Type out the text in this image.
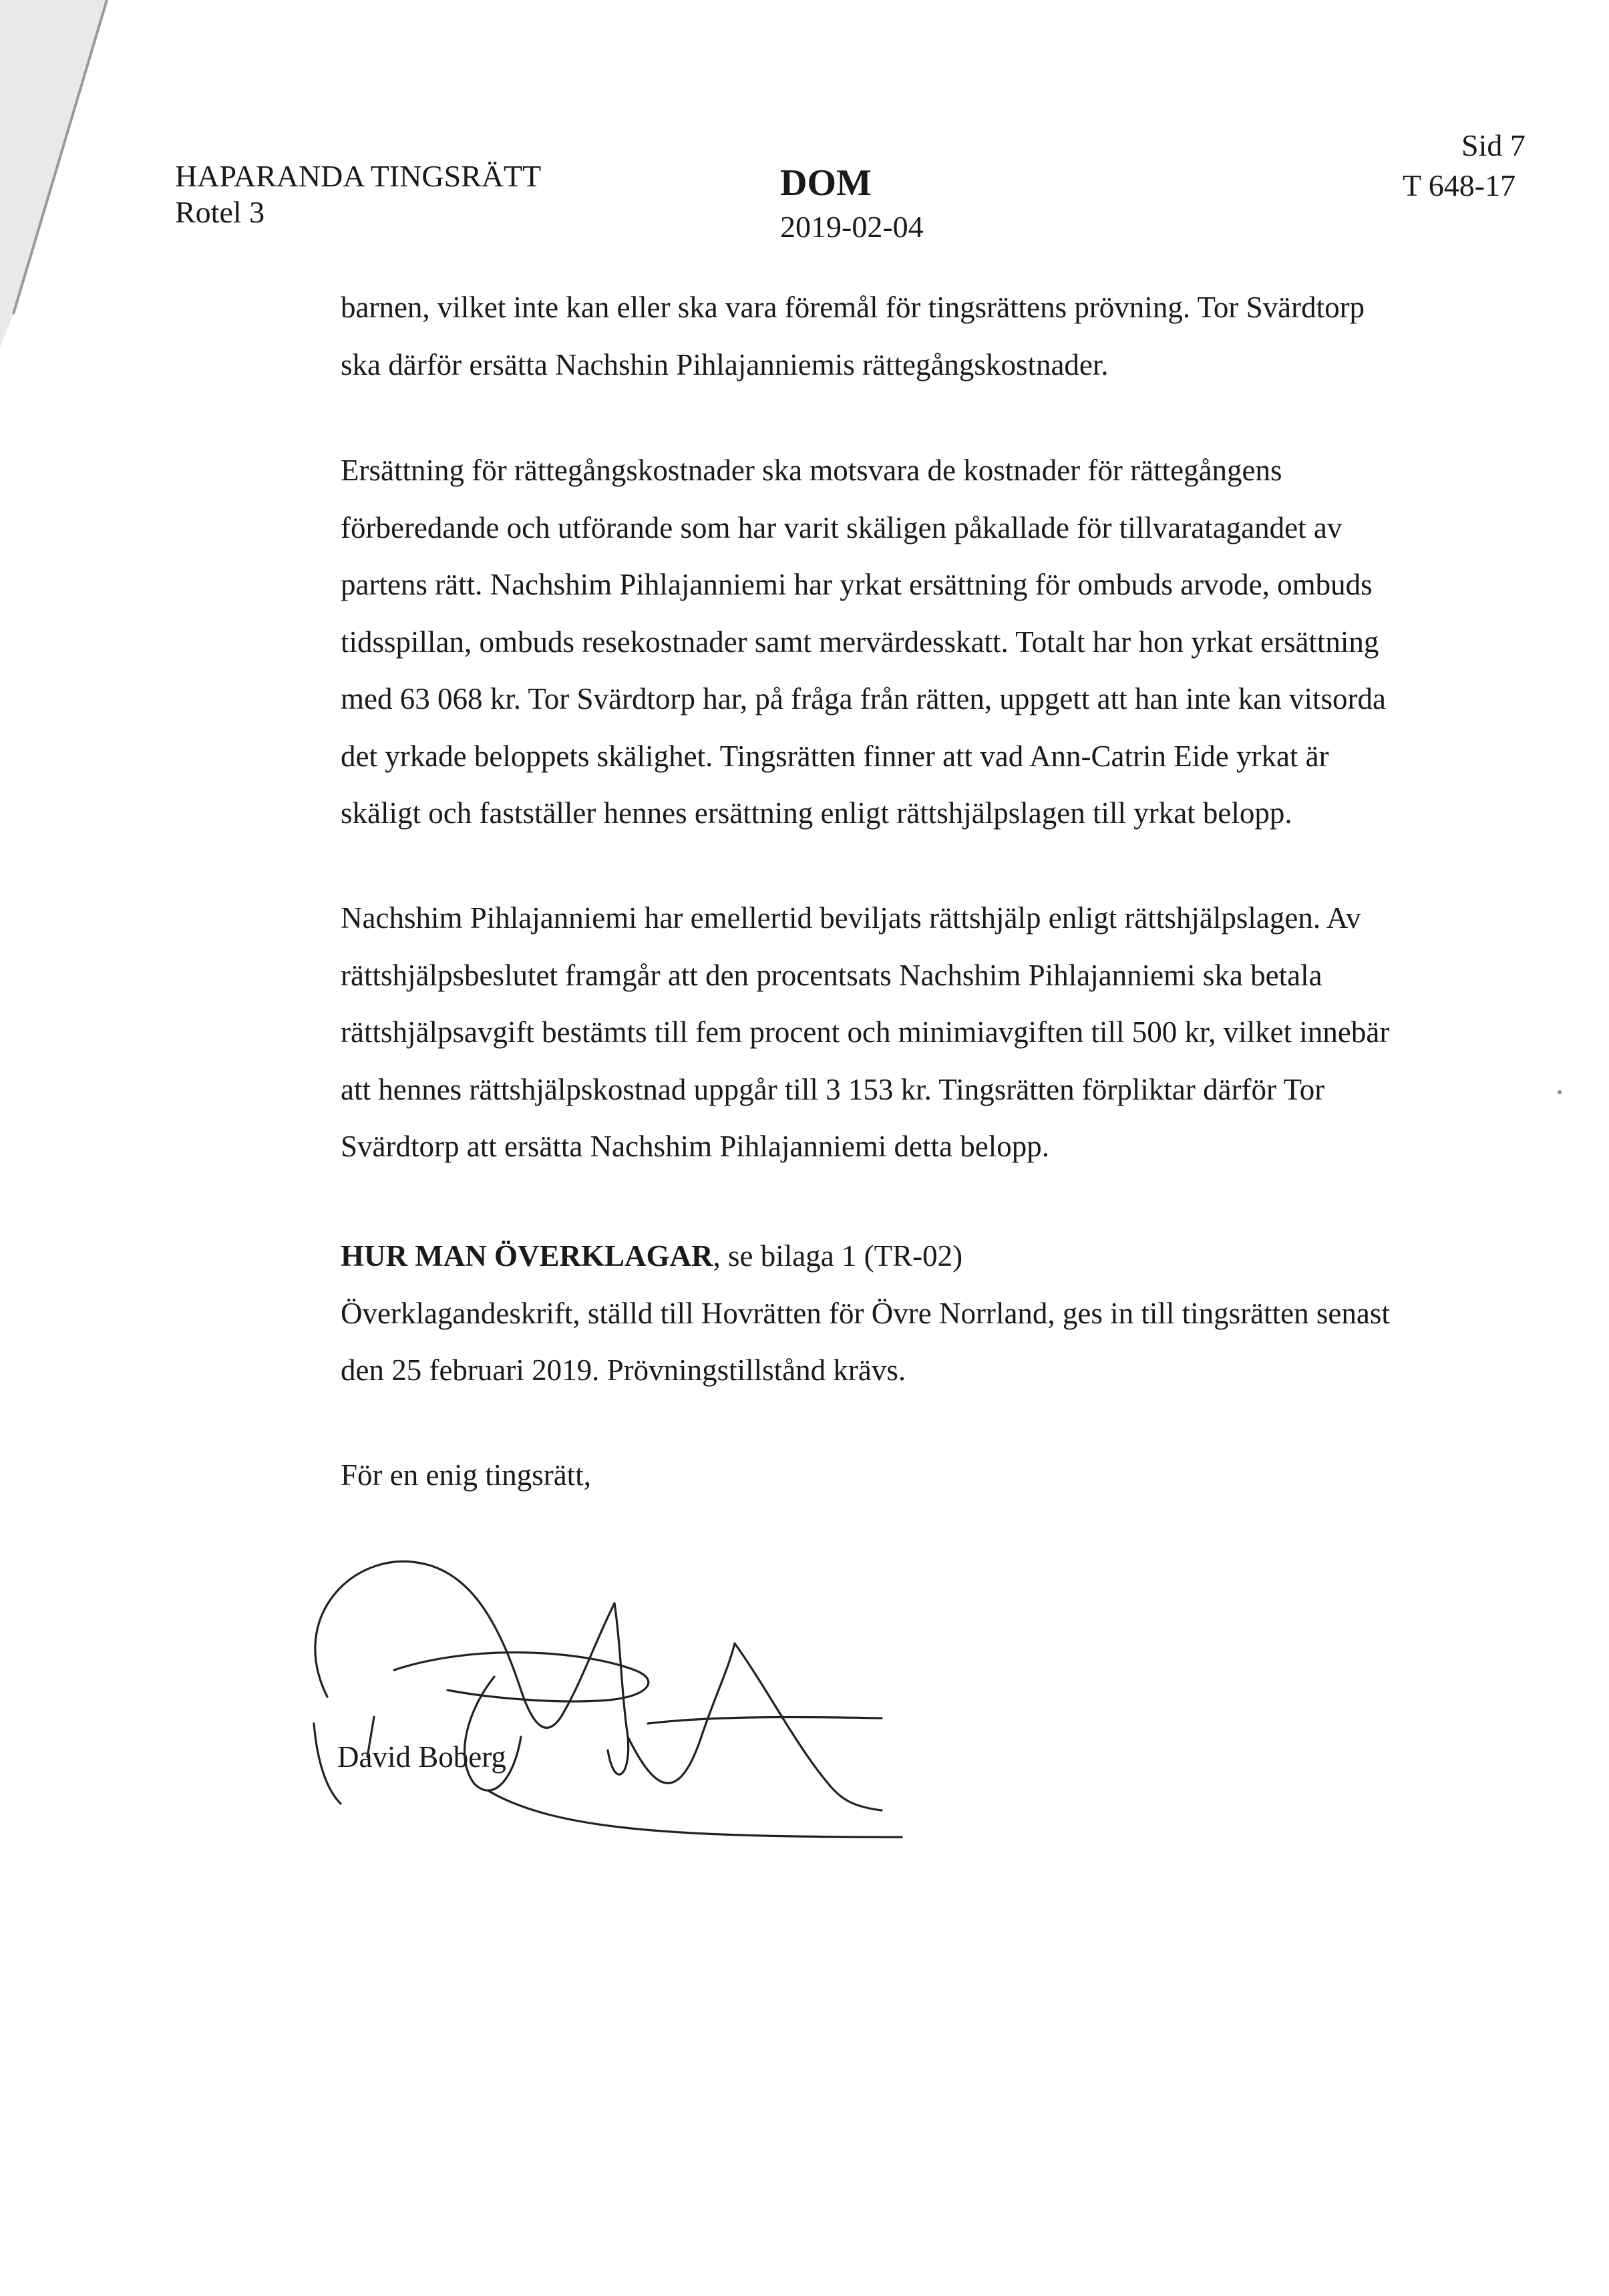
HAPARANDA TINGSRÄTT
Rotel 3
DOM
2019-02-04
Sid 7
T 648-17
barnen, vilket inte kan eller ska vara föremål för tingsrättens prövning. Tor Svärdtorp
ska därför ersätta Nachshin Pihlajanniemis rättegångskostnader.
Ersättning för rättegångskostnader ska motsvara de kostnader för rättegångens
förberedande och utförande som har varit skäligen påkallade för tillvaratagandet av
partens rätt. Nachshim Pihlajanniemi har yrkat ersättning för ombuds arvode, ombuds
tidsspillan, ombuds resekostnader samt mervärdesskatt. Totalt har hon yrkat ersättning
med 63 068 kr. Tor Svärdtorp har, på fråga från rätten, uppgett att han inte kan vitsorda
det yrkade beloppets skälighet. Tingsrätten finner att vad Ann-Catrin Eide yrkat är
skäligt och fastställer hennes ersättning enligt rättshjälpslagen till yrkat belopp.
Nachshim Pihlajanniemi har emellertid beviljats rättshjälp enligt rättshjälpslagen. Av
rättshjälpsbeslutet framgår att den procentsats Nachshim Pihlajanniemi ska betala
rättshjälpsavgift bestämts till fem procent och minimiavgiften till 500 kr, vilket innebär
att hennes rättshjälpskostnad uppgår till 3 153 kr. Tingsrätten förpliktar därför Tor
Svärdtorp att ersätta Nachshim Pihlajanniemi detta belopp.
HUR MAN ÖVERKLAGAR, se bilaga 1 (TR-02)
Överklagandeskrift, ställd till Hovrätten för Övre Norrland, ges in till tingsrätten senast
den 25 februari 2019. Prövningstillstånd krävs.
För en enig tingsrätt,
David Boberg
